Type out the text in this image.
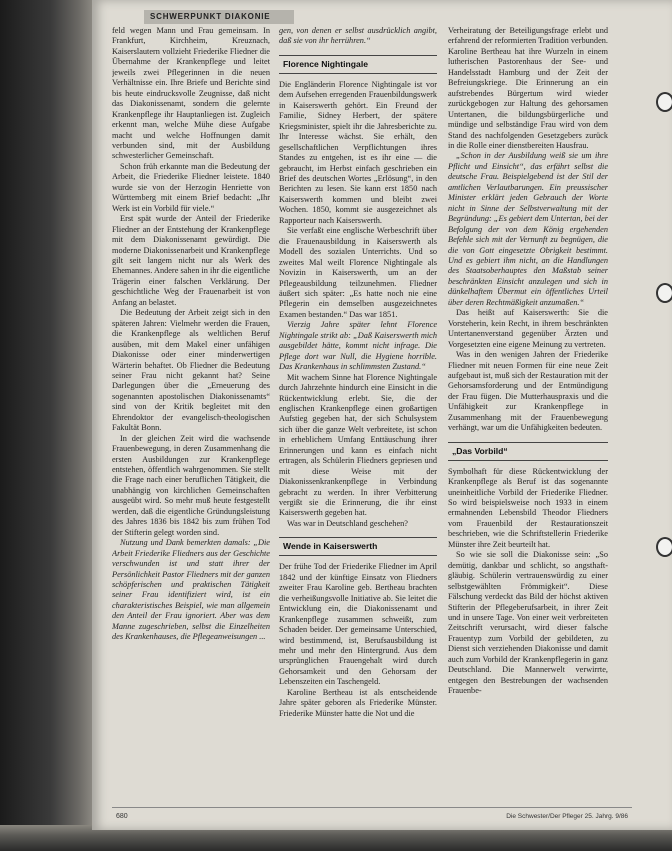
SCHWERPUNKT DIAKONIE

feld wegen Mann und Frau gemeinsam. In Frankfurt, Kirchheim, Kreuznach, Kaiserslautern vollzieht Friederike Fliedner die Übernahme der Krankenpflege und leitet jeweils zwei Pflegerinnen in die neuen Verhältnisse ein. Ihre Briefe und Berichte sind bis heute eindrucksvolle Zeugnisse, daß nicht das Diakonissenamt, sondern die gelernte Krankenpflege ihr Hauptanliegen ist. Zugleich erkennt man, welche Mühe diese Aufgabe macht und welche Hoffnungen damit verbunden sind, mit der Ausbildung schwesterlicher Gemeinschaft.

Schon früh erkannte man die Bedeutung der Arbeit, die Friederike Fliedner leistete. 1840 wurde sie von der Herzogin Henriette von Württemberg mit einem Brief bedacht: „Ihr Werk ist ein Vorbild für viele.“

Erst spät wurde der Anteil der Friederike Fliedner an der Entstehung der Krankenpflege mit dem Diakonissenamt gewürdigt. Die moderne Diakonissenarbeit und Krankenpflege gilt seit langem nicht nur als Werk des Ehemannes. Andere sahen in ihr die eigentliche Trägerin einer falschen Verklärung. Der geschichtliche Weg der Frauenarbeit ist von Anfang an belastet.

Die Bedeutung der Arbeit zeigt sich in den späteren Jahren: Vielmehr werden die Frauen, die Krankenpflege als weltlichen Beruf ausüben, mit dem Makel einer unfähigen Diakonisse oder einer minderwertigen Wärterin behaftet. Ob Fliedner die Bedeutung seiner Frau nicht gekannt hat? Seine Darlegungen über die „Erneuerung des sogenannten apostolischen Diakonissenamts“ sind von der Kritik begleitet mit den Ehrendoktor der evangelisch-theologischen Fakultät Bonn.

In der gleichen Zeit wird die wachsende Frauenbewegung, in deren Zusammenhang die ersten Ausbildungen zur Krankenpflege entstehen, öffentlich wahrgenommen. Sie stellt die Frage nach einer beruflichen Tätigkeit, die unabhängig von kirchlichen Gemeinschaften ausgeübt wird. So mehr muß heute festgestellt werden, daß die eigentliche Gründungsleistung des Jahres 1836 bis 1842 bis zum frühen Tod der Stifterin gelegt worden sind.

Nutzung und Dank bemerkten damals: „Die Arbeit Friederike Fliedners aus der Geschichte verschwunden ist und statt ihrer der Persönlichkeit Pastor Fliedners mit der ganzen schöpferischen und praktischen Tätigkeit seiner Frau identifiziert wird, ist ein charakteristisches Beispiel, wie man allgemein den Anteil der Frau ignoriert. Aber was dem Manne zugeschrieben, selbst die Einzelheiten des Krankenhauses, die Pflegeanweisungen ...

gen, von denen er selbst ausdrücklich angibt, daß sie von ihr herrühren.“

Florence Nightingale

Die Engländerin Florence Nightingale ist vor dem Aufsehen erregenden Frauenbildungswerk in Kaiserswerth gehört. Ein Freund der Familie, Sidney Herbert, der spätere Kriegsminister, spielt ihr die Jahresberichte zu. Ihr Interesse wächst. Sie erhält, den gesellschaftlichen Verpflichtungen ihres Standes zu entgehen, ist es ihr eine — die gebraucht, im Herbst einfach geschrieben ein Brief des deutschen Wortes „Erlösung“, in den Berichten zu lesen. Sie kann erst 1850 nach Kaiserswerth kommen und bleibt zwei Wochen. 1850, kommt sie ausgezeichnet als Rapporteur nach Kaiserswerth.

Sie verfaßt eine englische Werbeschrift über die Frauenausbildung in Kaiserswerth als Modell des sozialen Unterrichts. Und so zweites Mal weilt Florence Nightingale als Novizin in Kaiserswerth, um an der Pflegeausbildung teilzunehmen. Fliedner äußert sich später: „Es hatte noch nie eine Pflegerin ein demselben ausgezeichnetes Examen bestanden.“ Das war 1851.

Vierzig Jahre später lehnt Florence Nightingale strikt ab: „Daß Kaiserswerth mich ausgebildet hätte, kommt nicht infrage. Die Pflege dort war Null, die Hygiene horrible. Das Krankenhaus in schlimmsten Zustand.“

Mit wachem Sinne hat Florence Nightingale durch Jahrzehnte hindurch eine Einsicht in die Rückentwicklung erlebt. Sie, die der englischen Krankenpflege einen großartigen Aufstieg gegeben hat, der sich Schulsystem sich über die ganze Welt verbreitete, ist schon in erheblichem Umfang Enttäuschung ihrer Erinnerungen und kann es einfach nicht ertragen, als Schülerin Fliedners gepriesen und mit diese Weise mit der Diakonissenkrankenpflege in Verbindung gebracht zu werden. In ihrer Verbitterung vergißt sie die Erinnerung, die ihr einst Kaiserswerth gegeben hat.

Was war in Deutschland geschehen?

Wende in Kaiserswerth

Der frühe Tod der Friederike Fliedner im April 1842 und der künftige Einsatz von Fliedners zweiter Frau Karoline geb. Bertheau brachten die verheißungsvolle Initiative ab. Sie leitet die Entwicklung ein, die Diakonissenamt und Krankenpflege zusammen schweißt, zum Schaden beider. Der gemeinsame Unterschied, wird bestimmend, ist, Berufsausbildung ist mehr und mehr den Hintergrund. Aus dem ursprünglichen Frauengehalt wird durch Gehorsamkeit und den Gehorsam der Lebenszeiten ein Taschengeld.

Karoline Bertheau ist als entscheidende Jahre später geboren als Friederike Münster. Friederike Münster hatte die Not und die

Verheiratung der Beteiligungsfrage erlebt und erfahrend der reformierten Tradition verbunden. Karoline Bertheau hat ihre Wurzeln in einem lutherischen Pastorenhaus der See- und Handelsstadt Hamburg und der Zeit der Befreiungskriege. Die Erinnerung an ein aufstrebendes Bürgertum wird wieder zurückgebogen zur Haltung des gehorsamen Untertanen, die bildungsbürgerliche und mündige und selbständige Frau wird von dem Stand des nachfolgenden Gesetzgebers zurück in die Rolle einer dienstbereiten Hausfrau.

„Schon in der Ausbildung weiß sie um ihre Pflicht und Einsicht“, das erfährt selbst die deutsche Frau. Beispielgebend ist der Stil der amtlichen Verlautbarungen. Ein preussischer Minister erklärt jeden Gebrauch der Worte nicht in Sinne der Selbstverwaltung mit der Begründung: „Es gebiert dem Untertan, bei der Befolgung der von dem König ergehenden Befehle sich mit der Vernunft zu begnügen, die die von Gott eingesetzte Obrigkeit bestimmt. Und es gebiert ihm nicht, an die Handlungen des Staatsoberhauptes den Maßstab seiner beschränkten Einsicht anzulegen und sich in dünkelhaftem Übermut ein öffentliches Urteil über deren Rechtmäßigkeit anzumaßen.“

Das heißt auf Kaiserswerth: Sie die Vorsteherin, kein Recht, in ihrem beschränkten Untertanenverstand gegenüber Ärzten und Vorgesetzten eine eigene Meinung zu vertreten.

Was in den wenigen Jahren der Friederike Fliedner mit neuen Formen für eine neue Zeit aufgebaut ist, muß sich der Restauration mit der Gehorsamsforderung und der Entmündigung der Frau fügen. Die Mutterhauspraxis und die Unfähigkeit zur Krankenpflege in Zusammenhang mit der Frauenbewegung verhängt, war um die Unfähigkeiten bedeuten.

„Das Vorbild“

Symbolhaft für diese Rückentwicklung der Krankenpflege als Beruf ist das sogenannte uneinheitliche Vorbild der Friederike Fliedner. So wird beispielsweise noch 1933 in einem ermahnenden Lebensbild Theodor Fliedners vom Frauenbild der Restaurationszeit beschrieben, wie die Schriftstellerin Friederike Münster ihre Zeit beurteilt hat.

So wie sie soll die Diakonisse sein: „So demütig, dankbar und schlicht, so angsthaft-gläubig. Schülerin vertrauenswürdig zu einer selbstgewählten Frömmigkeit“. Diese Fälschung verdeckt das Bild der höchst aktiven Stifterin der Pflegeberufsarbeit, in ihrer Zeit und in unsere Tage. Von einer weit verbreiteten Zeitschrift verursacht, wird dieser falsche Frauentyp zum Vorbild der gebildeten, zu Dienst sich verziehenden Diakonisse und damit auch zum Vorbild der Krankenpflegerin in ganz Deutschland. Die Mannerwelt verwirrte, entgegen den Bestrebungen der wachsenden Frauenbe-

680	Die Schwester/Der Pfleger 25. Jahrg. 9/86
